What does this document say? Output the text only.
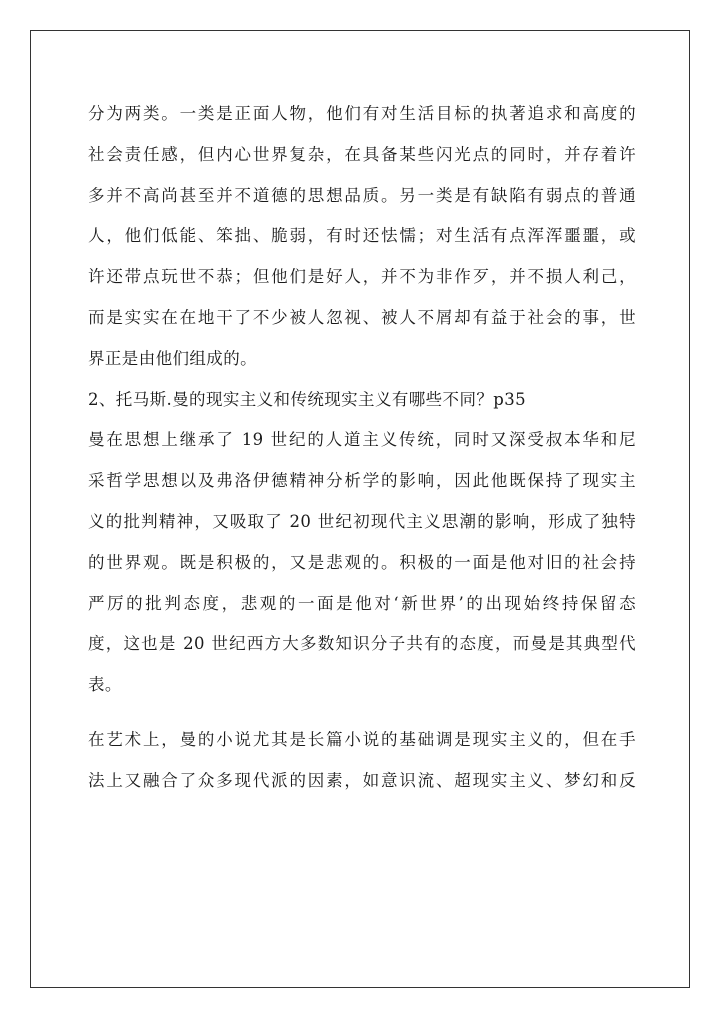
分为两类。一类是正面人物，他们有对生活目标的执著追求和高度的
社会责任感，但内心世界复杂，在具备某些闪光点的同时，并存着许
多并不高尚甚至并不道德的思想品质。另一类是有缺陷有弱点的普通
人，他们低能、笨拙、脆弱，有时还怯懦；对生活有点浑浑噩噩，或
许还带点玩世不恭；但他们是好人，并不为非作歹，并不损人利己，
而是实实在在地干了不少被人忽视、被人不屑却有益于社会的事，世
界正是由他们组成的。
2、托马斯.曼的现实主义和传统现实主义有哪些不同？p35
曼在思想上继承了 19 世纪的人道主义传统，同时又深受叔本华和尼
采哲学思想以及弗洛伊德精神分析学的影响，因此他既保持了现实主
义的批判精神，又吸取了 20 世纪初现代主义思潮的影响，形成了独特
的世界观。既是积极的，又是悲观的。积极的一面是他对旧的社会持
严厉的批判态度，悲观的一面是他对‘新世界’的出现始终持保留态
度，这也是 20 世纪西方大多数知识分子共有的态度，而曼是其典型代
表。
在艺术上，曼的小说尤其是长篇小说的基础调是现实主义的，但在手
法上又融合了众多现代派的因素，如意识流、超现实主义、梦幻和反
